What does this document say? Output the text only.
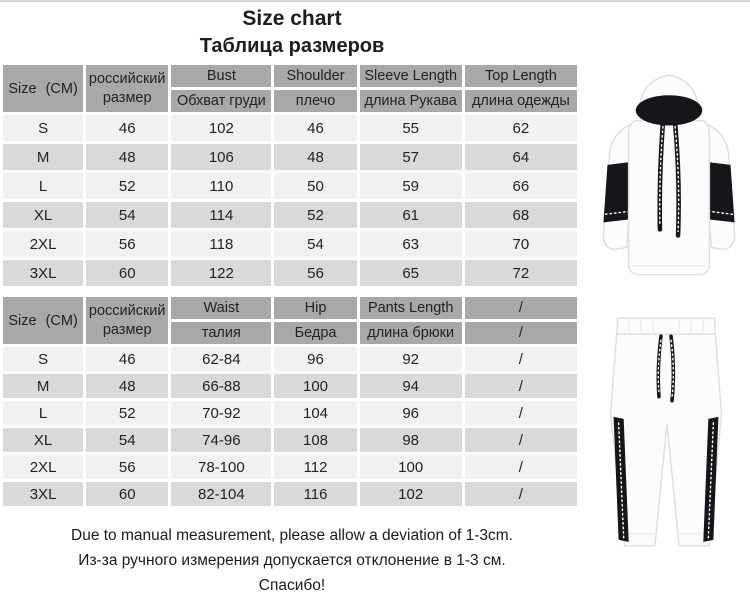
Size chart
Таблица размеров
Size (CM)	российский размер	Bust	Shoulder	Sleeve Length	Top Length
		Обхват груди	плечо	длина Рукава	длина одежды
S	46	102	46	55	62
M	48	106	48	57	64
L	52	110	50	59	66
XL	54	114	52	61	68
2XL	56	118	54	63	70
3XL	60	122	56	65	72
Size (CM)	российский размер	Waist	Hip	Pants Length	/
		талия	Бедра	длина брюки	/
S	46	62-84	96	92	/
M	48	66-88	100	94	/
L	52	70-92	104	96	/
XL	54	74-96	108	98	/
2XL	56	78-100	112	100	/
3XL	60	82-104	116	102	/

Due to manual measurement, please allow a deviation of 1-3cm.

Из-за ручного измерения допускается отклонение в 1-3 см.

Спасибо!
